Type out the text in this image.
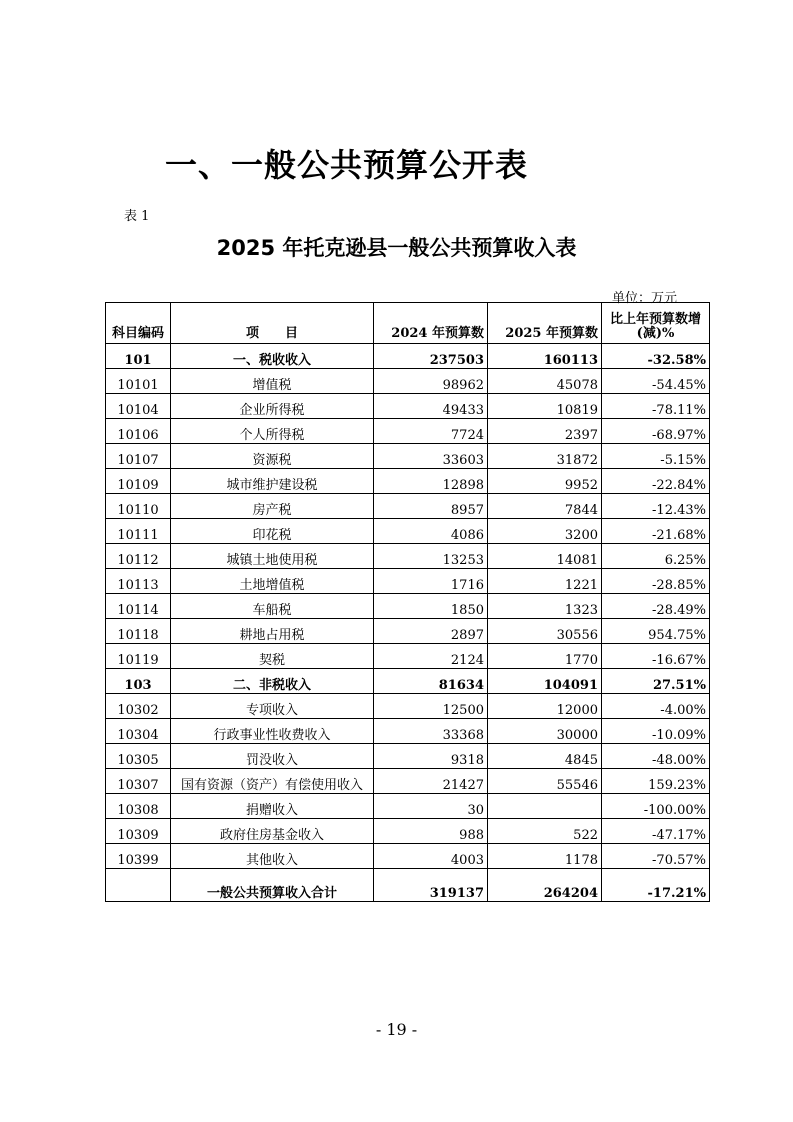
一、一般公共预算公开表
表 1
2025 年托克逊县一般公共预算收入表
单位：万元
科目编码	项　　目	2024 年预算数	2025 年预算数	比上年预算数增(减)%
101	一、税收收入	237503	160113	-32.58%
10101	增值税	98962	45078	-54.45%
10104	企业所得税	49433	10819	-78.11%
10106	个人所得税	7724	2397	-68.97%
10107	资源税	33603	31872	-5.15%
10109	城市维护建设税	12898	9952	-22.84%
10110	房产税	8957	7844	-12.43%
10111	印花税	4086	3200	-21.68%
10112	城镇土地使用税	13253	14081	6.25%
10113	土地增值税	1716	1221	-28.85%
10114	车船税	1850	1323	-28.49%
10118	耕地占用税	2897	30556	954.75%
10119	契税	2124	1770	-16.67%
103	二、非税收入	81634	104091	27.51%
10302	专项收入	12500	12000	-4.00%
10304	行政事业性收费收入	33368	30000	-10.09%
10305	罚没收入	9318	4845	-48.00%
10307	国有资源（资产）有偿使用收入	21427	55546	159.23%
10308	捐赠收入	30		-100.00%
10309	政府住房基金收入	988	522	-47.17%
10399	其他收入	4003	1178	-70.57%
	一般公共预算收入合计	319137	264204	-17.21%
- 19 -
